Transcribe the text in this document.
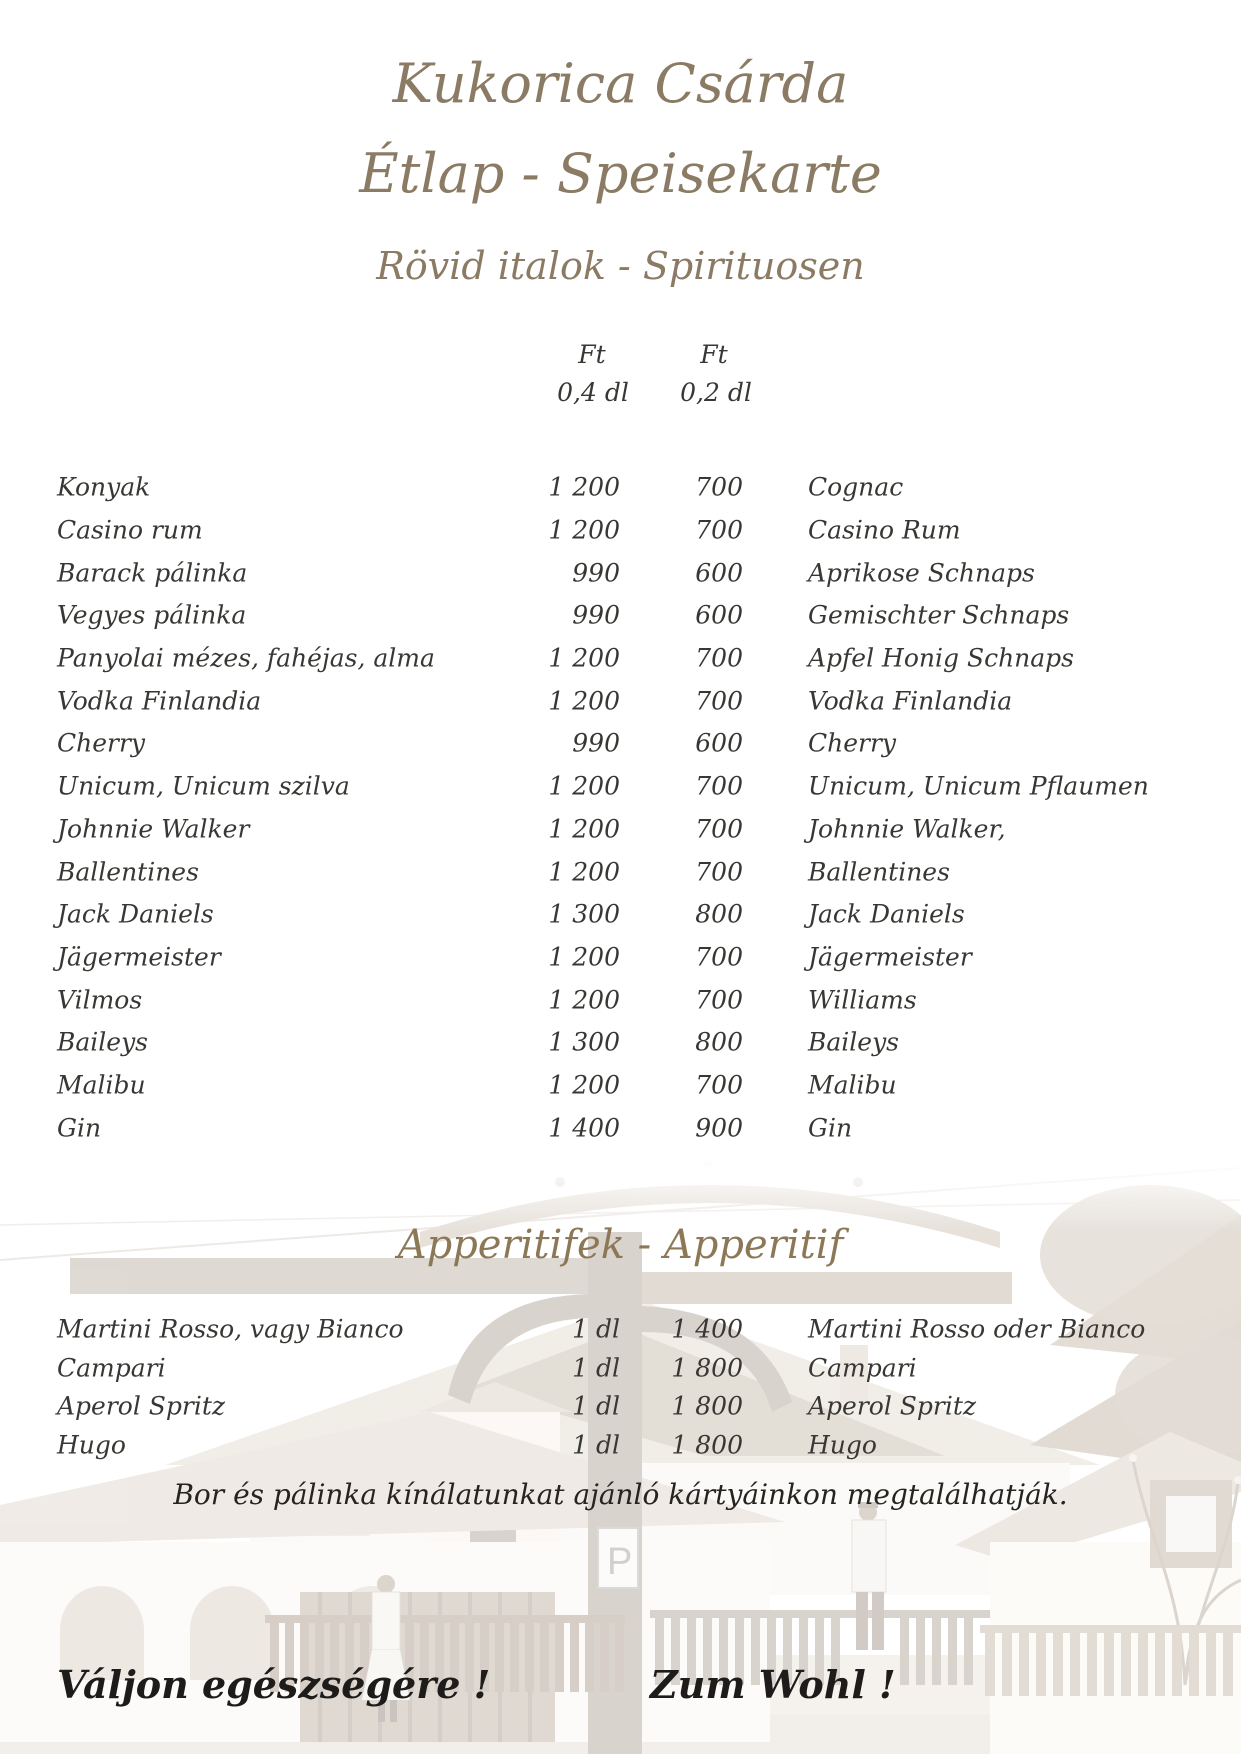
P
Kukorica Csárda
Étlap - Speisekarte
Rövid italok - Spirituosen
Ft	Ft
0,4 dl 0,2 dl
Konyak	1 200	700	Cognac
Casino rum	1 200	700	Casino Rum
Barack pálinka	990	600	Aprikose Schnaps
Vegyes pálinka	990	600	Gemischter Schnaps
Panyolai mézes, fahéjas, alma	1 200	700	Apfel Honig Schnaps
Vodka Finlandia	1 200	700	Vodka Finlandia
Cherry	990	600	Cherry
Unicum, Unicum szilva	1 200	700	Unicum, Unicum Pflaumen
Johnnie Walker	1 200	700	Johnnie Walker,
Ballentines	1 200	700	Ballentines
Jack Daniels	1 300	800	Jack Daniels
Jägermeister	1 200	700	Jägermeister
Vilmos	1 200	700	Williams
Baileys	1 300	800	Baileys
Malibu	1 200	700	Malibu
Gin	1 400	900	Gin
Apperitifek - Apperitif
Martini Rosso, vagy Bianco	1 dl	1 400	Martini Rosso oder Bianco
Campari	1 dl	1 800	Campari
Aperol Spritz	1 dl	1 800	Aperol Spritz
Hugo	1 dl	1 800	Hugo

Bor és pálinka kínálatunkat ajánló kártyáinkon megtalálhatják.

Váljon egészségére !	Zum Wohl !
